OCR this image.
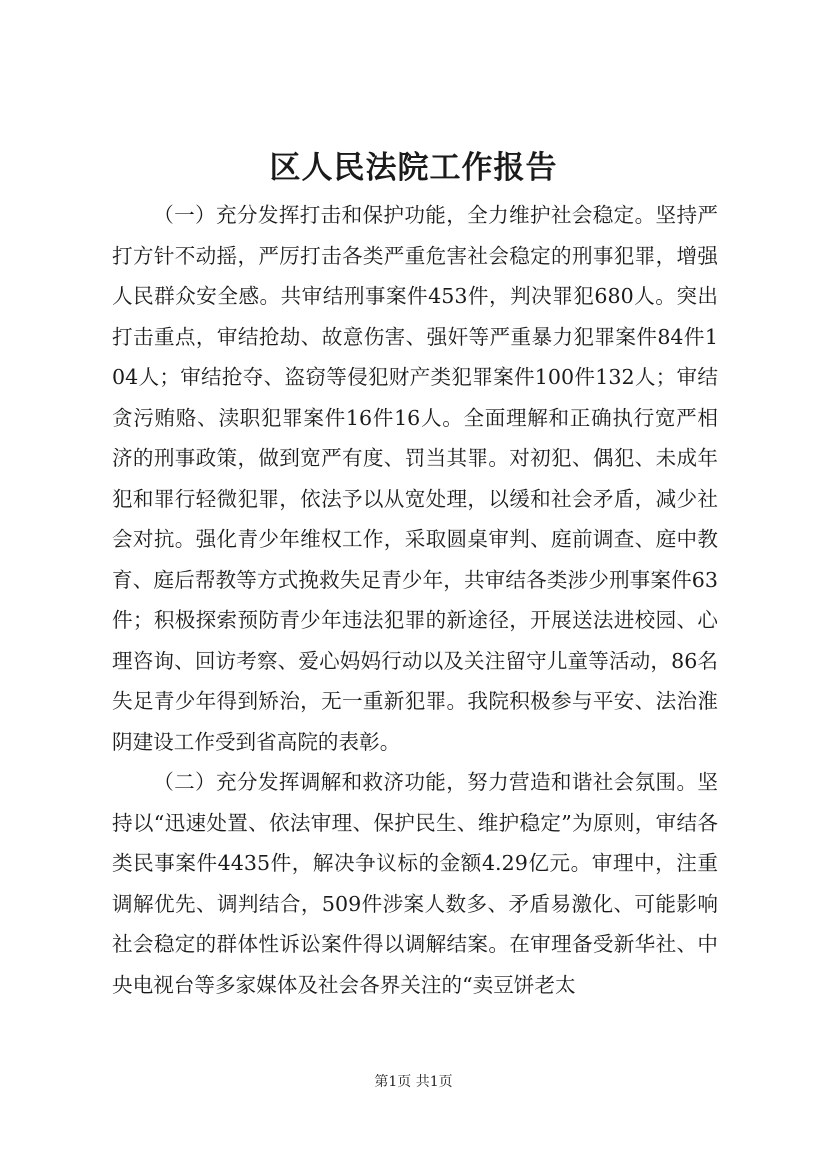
区人民法院工作报告

（一）充分发挥打击和保护功能，全力维护社会稳定。坚持严打方针不动摇，严厉打击各类严重危害社会稳定的刑事犯罪，增强人民群众安全感。共审结刑事案件453件，判决罪犯680人。突出打击重点，审结抢劫、故意伤害、强奸等严重暴力犯罪案件84件104人；审结抢夺、盗窃等侵犯财产类犯罪案件100件132人；审结贪污贿赂、渎职犯罪案件16件16人。全面理解和正确执行宽严相济的刑事政策，做到宽严有度、罚当其罪。对初犯、偶犯、未成年犯和罪行轻微犯罪，依法予以从宽处理，以缓和社会矛盾，减少社会对抗。强化青少年维权工作，采取圆桌审判、庭前调查、庭中教育、庭后帮教等方式挽救失足青少年，共审结各类涉少刑事案件63件；积极探索预防青少年违法犯罪的新途径，开展送法进校园、心理咨询、回访考察、爱心妈妈行动以及关注留守儿童等活动，86名失足青少年得到矫治，无一重新犯罪。我院积极参与平安、法治淮阴建设工作受到省高院的表彰。

（二）充分发挥调解和救济功能，努力营造和谐社会氛围。坚持以“迅速处置、依法审理、保护民生、维护稳定”为原则，审结各类民事案件4435件，解决争议标的金额4.29亿元。审理中，注重调解优先、调判结合，509件涉案人数多、矛盾易激化、可能影响社会稳定的群体性诉讼案件得以调解结案。在审理备受新华社、中央电视台等多家媒体及社会各界关注的“卖豆饼老太

第1页 共1页
